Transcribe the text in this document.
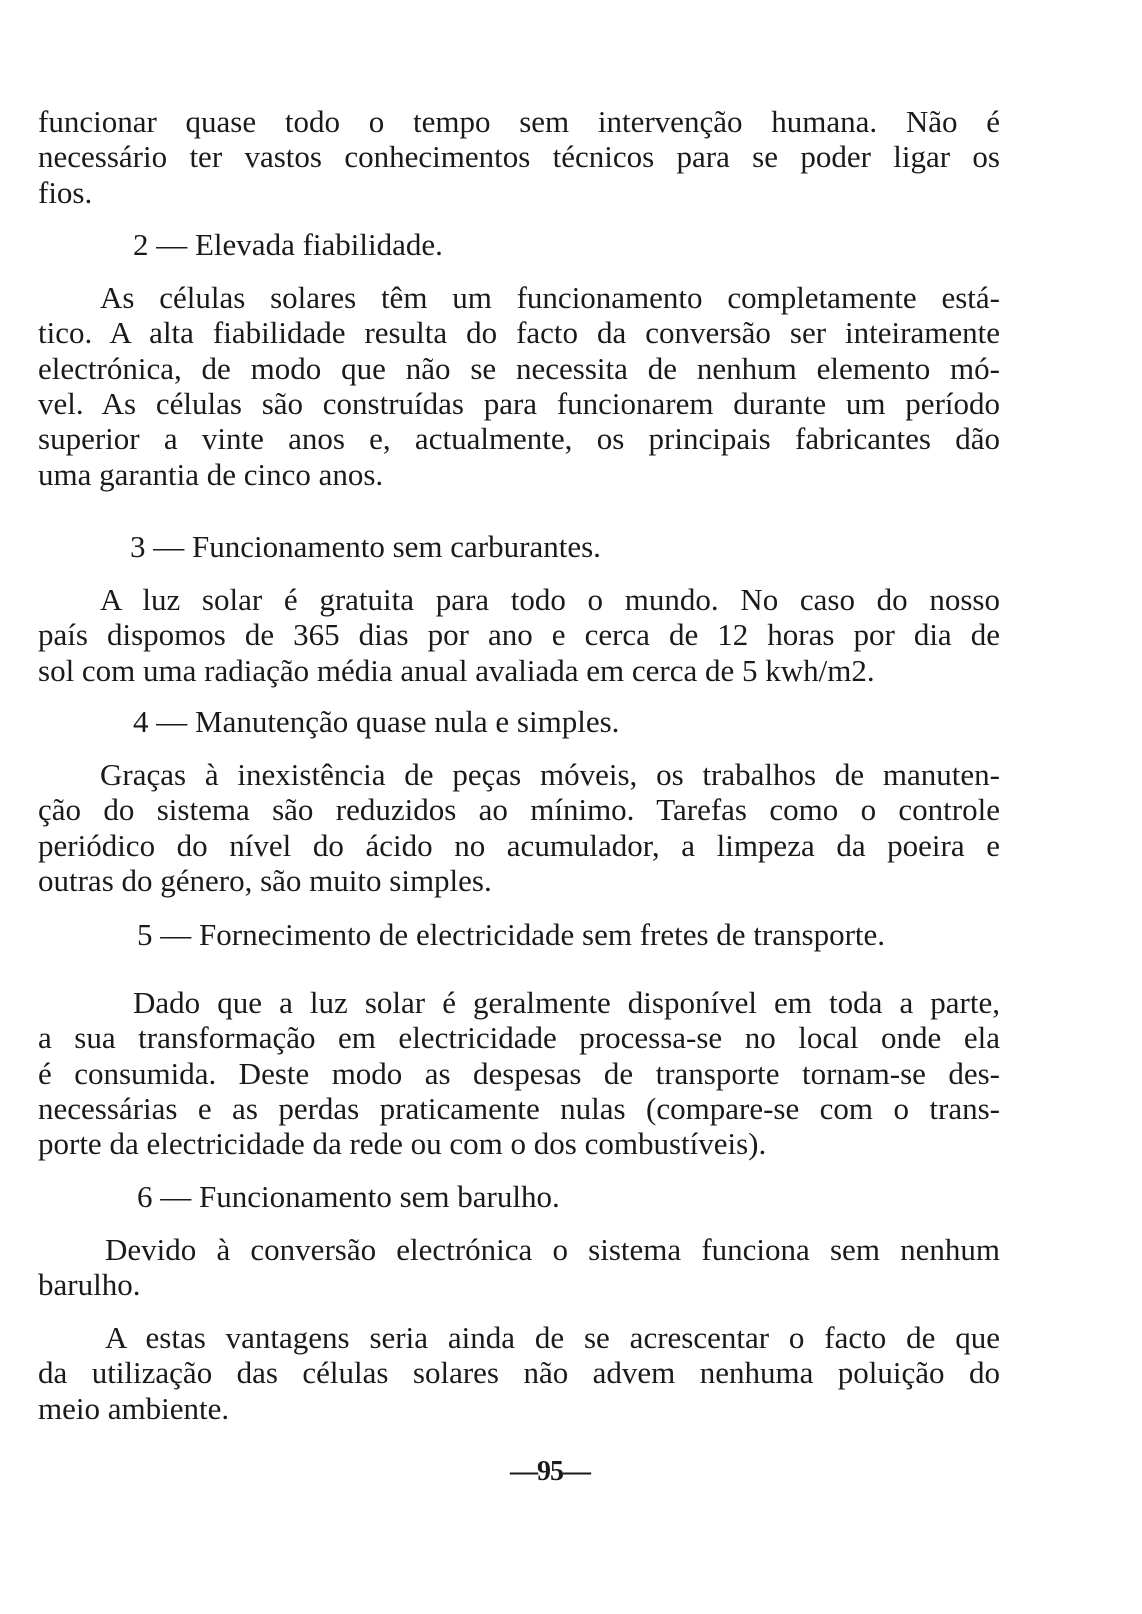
funcionar quase todo o tempo sem intervenção humana. Não é
necessário ter vastos conhecimentos técnicos para se poder ligar os
fios.
2 — Elevada fiabilidade.
As células solares têm um funcionamento completamente está-
tico. A alta fiabilidade resulta do facto da conversão ser inteiramente
electrónica, de modo que não se necessita de nenhum elemento mó-
vel. As células são construídas para funcionarem durante um período
superior a vinte anos e, actualmente, os principais fabricantes dão
uma garantia de cinco anos.
3 — Funcionamento sem carburantes.
A luz solar é gratuita para todo o mundo. No caso do nosso
país dispomos de 365 dias por ano e cerca de 12 horas por dia de
sol com uma radiação média anual avaliada em cerca de 5 kwh/m2.
4 — Manutenção quase nula e simples.
Graças à inexistência de peças móveis, os trabalhos de manuten-
ção do sistema são reduzidos ao mínimo. Tarefas como o controle
periódico do nível do ácido no acumulador, a limpeza da poeira e
outras do género, são muito simples.
5 — Fornecimento de electricidade sem fretes de transporte.
Dado que a luz solar é geralmente disponível em toda a parte,
a sua transformação em electricidade processa-se no local onde ela
é consumida. Deste modo as despesas de transporte tornam-se des-
necessárias e as perdas praticamente nulas (compare-se com o trans-
porte da electricidade da rede ou com o dos combustíveis).
6 — Funcionamento sem barulho.
Devido à conversão electrónica o sistema funciona sem nenhum
barulho.
A estas vantagens seria ainda de se acrescentar o facto de que
da utilização das células solares não advem nenhuma poluição do
meio ambiente.
—95—
